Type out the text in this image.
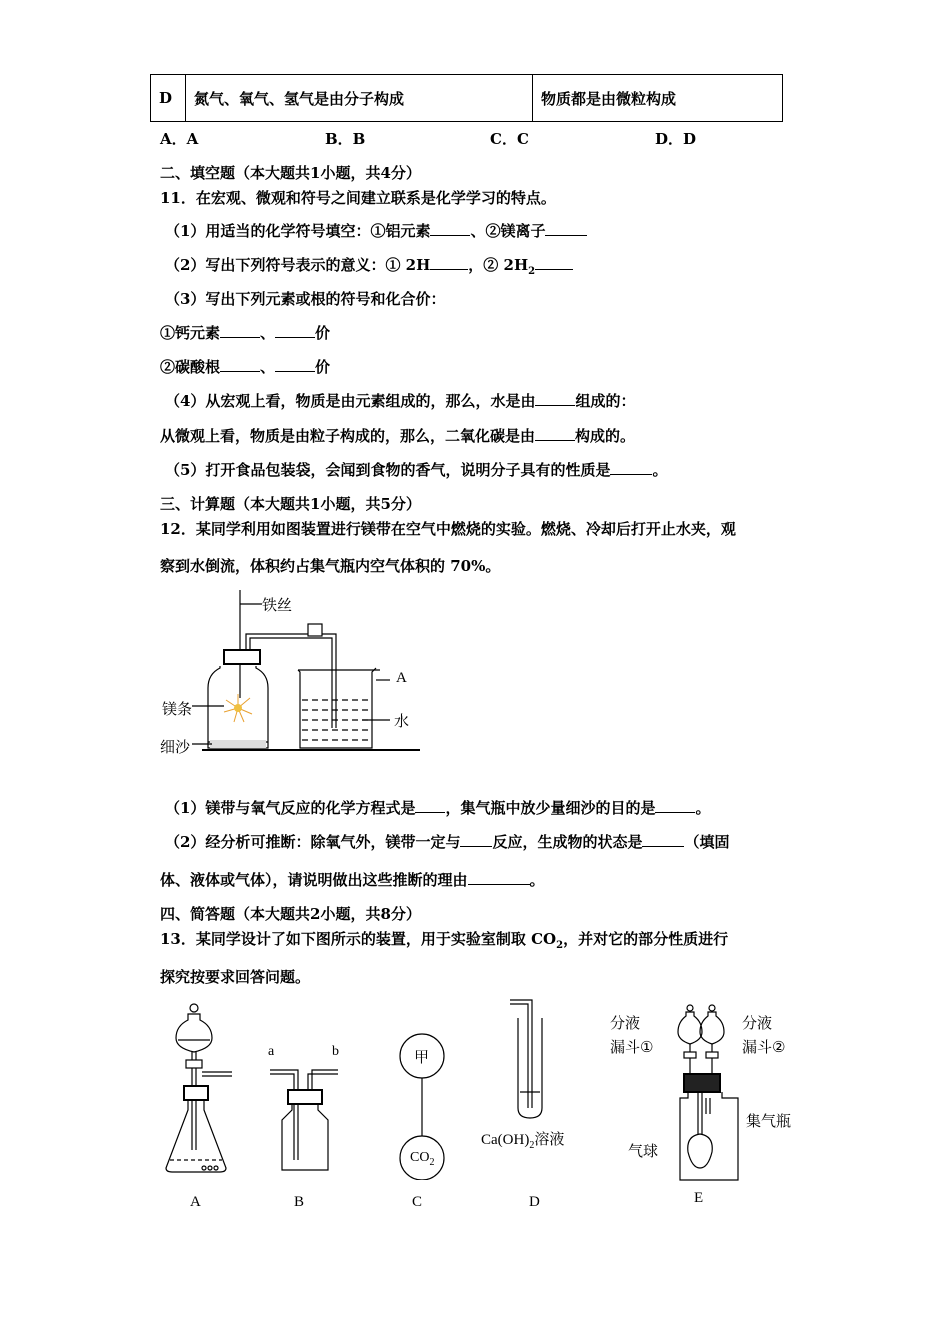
D	氮气、氧气、氢气是由分子构成	物质都是由微粒构成
A．A	B．B	C．C	D．D
二、填空题（本大题共1小题，共4分）
11．在宏观、微观和符号之间建立联系是化学学习的特点。
（1）用适当的化学符号填空：①铝元素	、②镁离子
（2）写出下列符号表示的意义：① 2H	，② $2H_2$
（3）写出下列元素或根的符号和化合价：
①钙元素	、	价
②碳酸根	、	价
（4）从宏观上看，物质是由元素组成的，那么，水是由	组成的：
从微观上看，物质是由粒子构成的，那么，二氧化碳是由	构成的。
（5）打开食品包装袋，会闻到食物的香气，说明分子具有的性质是	。
三、计算题（本大题共1小题，共5分）
12．某同学利用如图装置进行镁带在空气中燃烧的实验。燃烧、冷却后打开止水夹，观
察到水倒流，体积约占集气瓶内空气体积的 70%。
铁丝
镁条
细沙
A
水
（1）镁带与氧气反应的化学方程式是 ，集气瓶中放少量细沙的目的是	。
（2）经分析可推断：除氧气外，镁带一定与 反应，生成物的状态是	（填固
体、液体或气体），请说明做出这些推断的理由	。
四、简答题（本大题共2小题，共8分）
13．某同学设计了如下图所示的装置，用于实验室制取 $CO_2$，并对它的部分性质进行
探究按要求回答问题。
A
a	b
B
甲
$CO_2$
C
$Ca(OH)_2$溶液
D
分液
漏斗①
分液
漏斗②
集气瓶
气球
E
